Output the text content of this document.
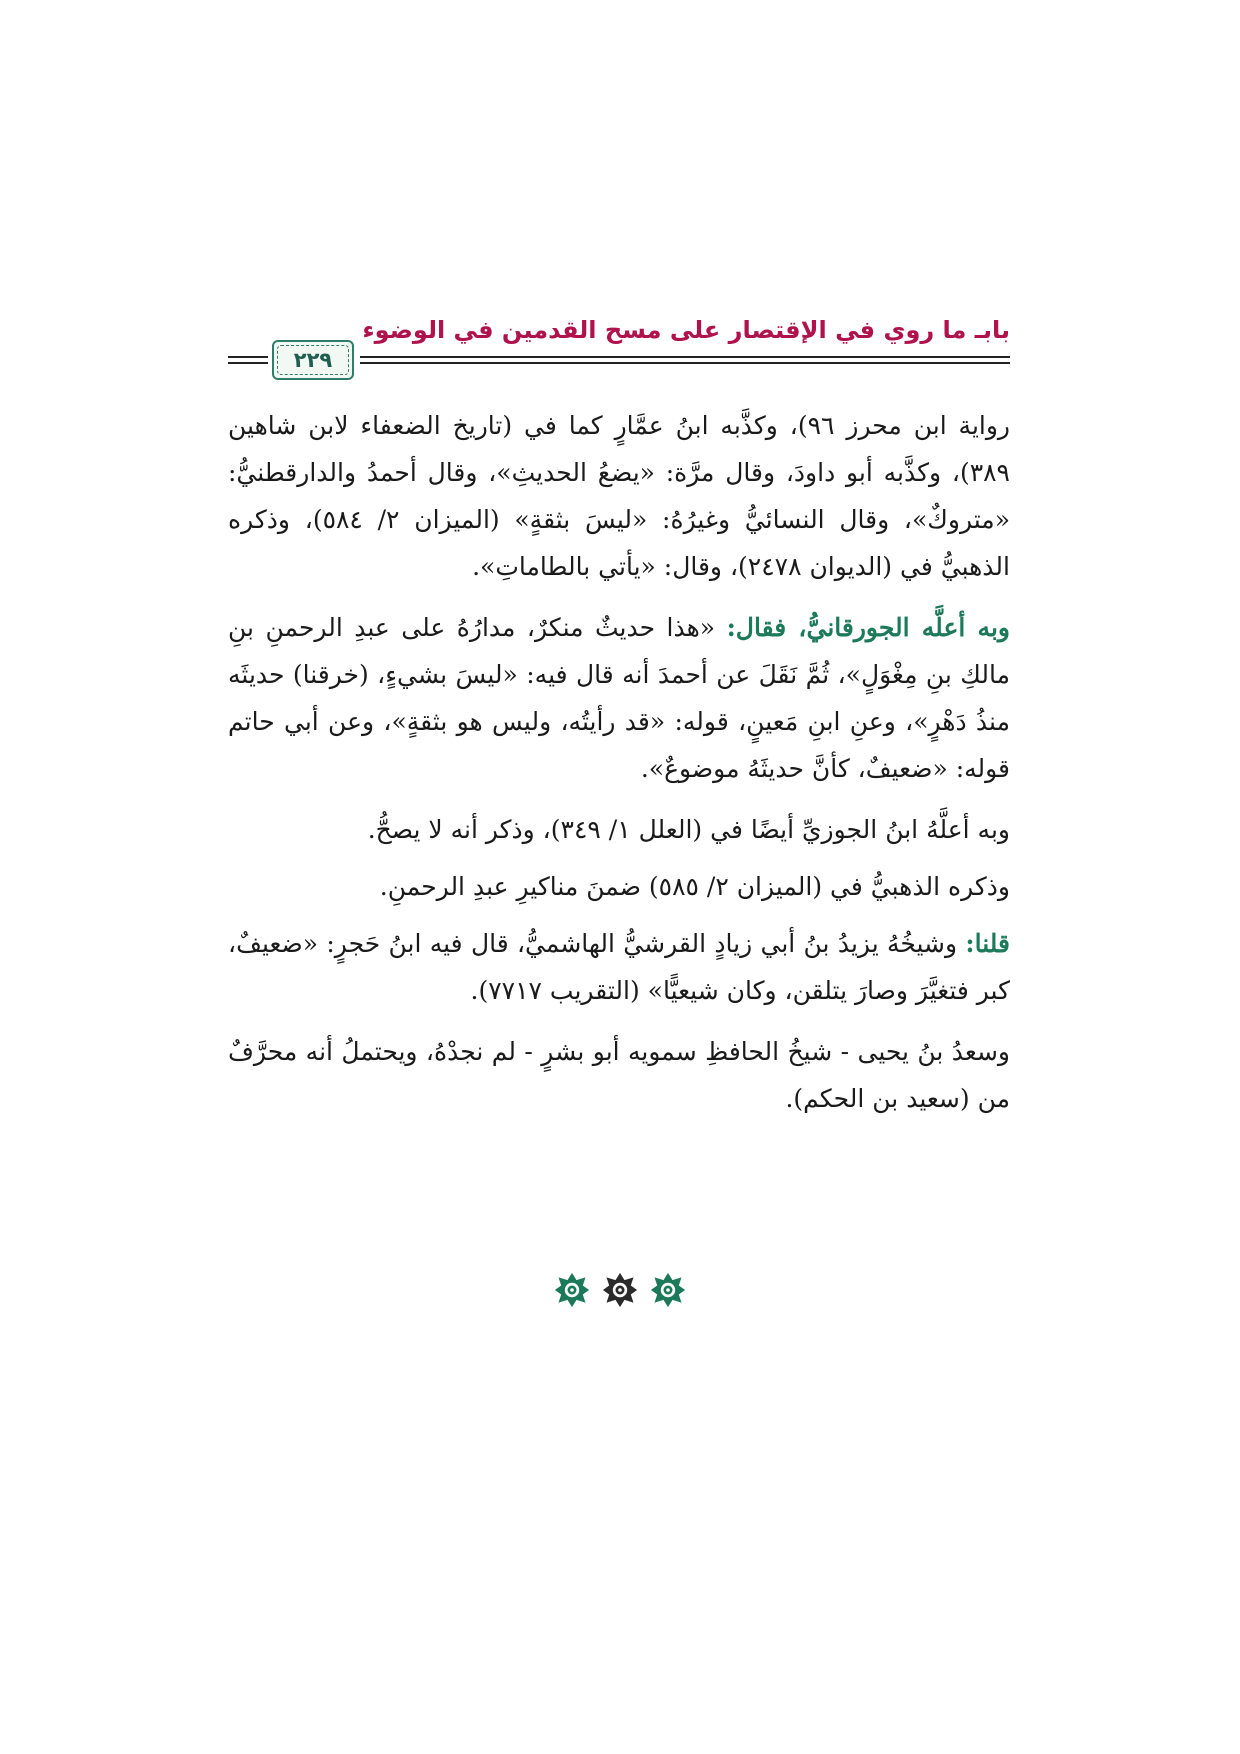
بابـ ما روي في الإقتصار على مسح القدمين في الوضوء
٢٢٩

رواية ابن محرز ٩٦)، وكذَّبه ابنُ عمَّارٍ كما في (تاريخ الضعفاء لابن شاهين ٣٨٩)، وكذَّبه أبو داودَ، وقال مرَّة: «يضعُ الحديثِ»، وقال أحمدُ والدارقطنيُّ: «متروكٌ»، وقال النسائيُّ وغيرُهُ: «ليسَ بثقةٍ» (الميزان ٢/ ٥٨٤)، وذكره الذهبيُّ في (الديوان ٢٤٧٨)، وقال: «يأتي بالطاماتِ».

وبه أعلَّه الجورقانيُّ، فقال: «هذا حديثٌ منكرٌ، مدارُهُ على عبدِ الرحمنِ بنِ مالكِ بنِ مِغْوَلٍ»، ثُمَّ نَقَلَ عن أحمدَ أنه قال فيه: «ليسَ بشيءٍ، (خرقنا) حديثَه منذُ دَهْرٍ»، وعنِ ابنِ مَعينٍ، قوله: «قد رأيتُه، وليس هو بثقةٍ»، وعن أبي حاتم قوله: «ضعيفٌ، كأنَّ حديثَهُ موضوعٌ».

وبه أعلَّهُ ابنُ الجوزيِّ أيضًا في (العلل ١/ ٣٤٩)، وذكر أنه لا يصحُّ.

وذكره الذهبيُّ في (الميزان ٢/ ٥٨٥) ضمنَ مناكيرِ عبدِ الرحمنِ.

قلنا: وشيخُهُ يزيدُ بنُ أبي زيادٍ القرشيُّ الهاشميُّ، قال فيه ابنُ حَجرٍ: «ضعيفٌ، كبر فتغيَّرَ وصارَ يتلقن، وكان شيعيًّا» (التقريب ٧٧١٧).

وسعدُ بنُ يحيى - شيخُ الحافظِ سمويه أبو بشرٍ - لم نجدْهُ، ويحتملُ أنه محرَّفٌ من (سعيد بن الحكم).
